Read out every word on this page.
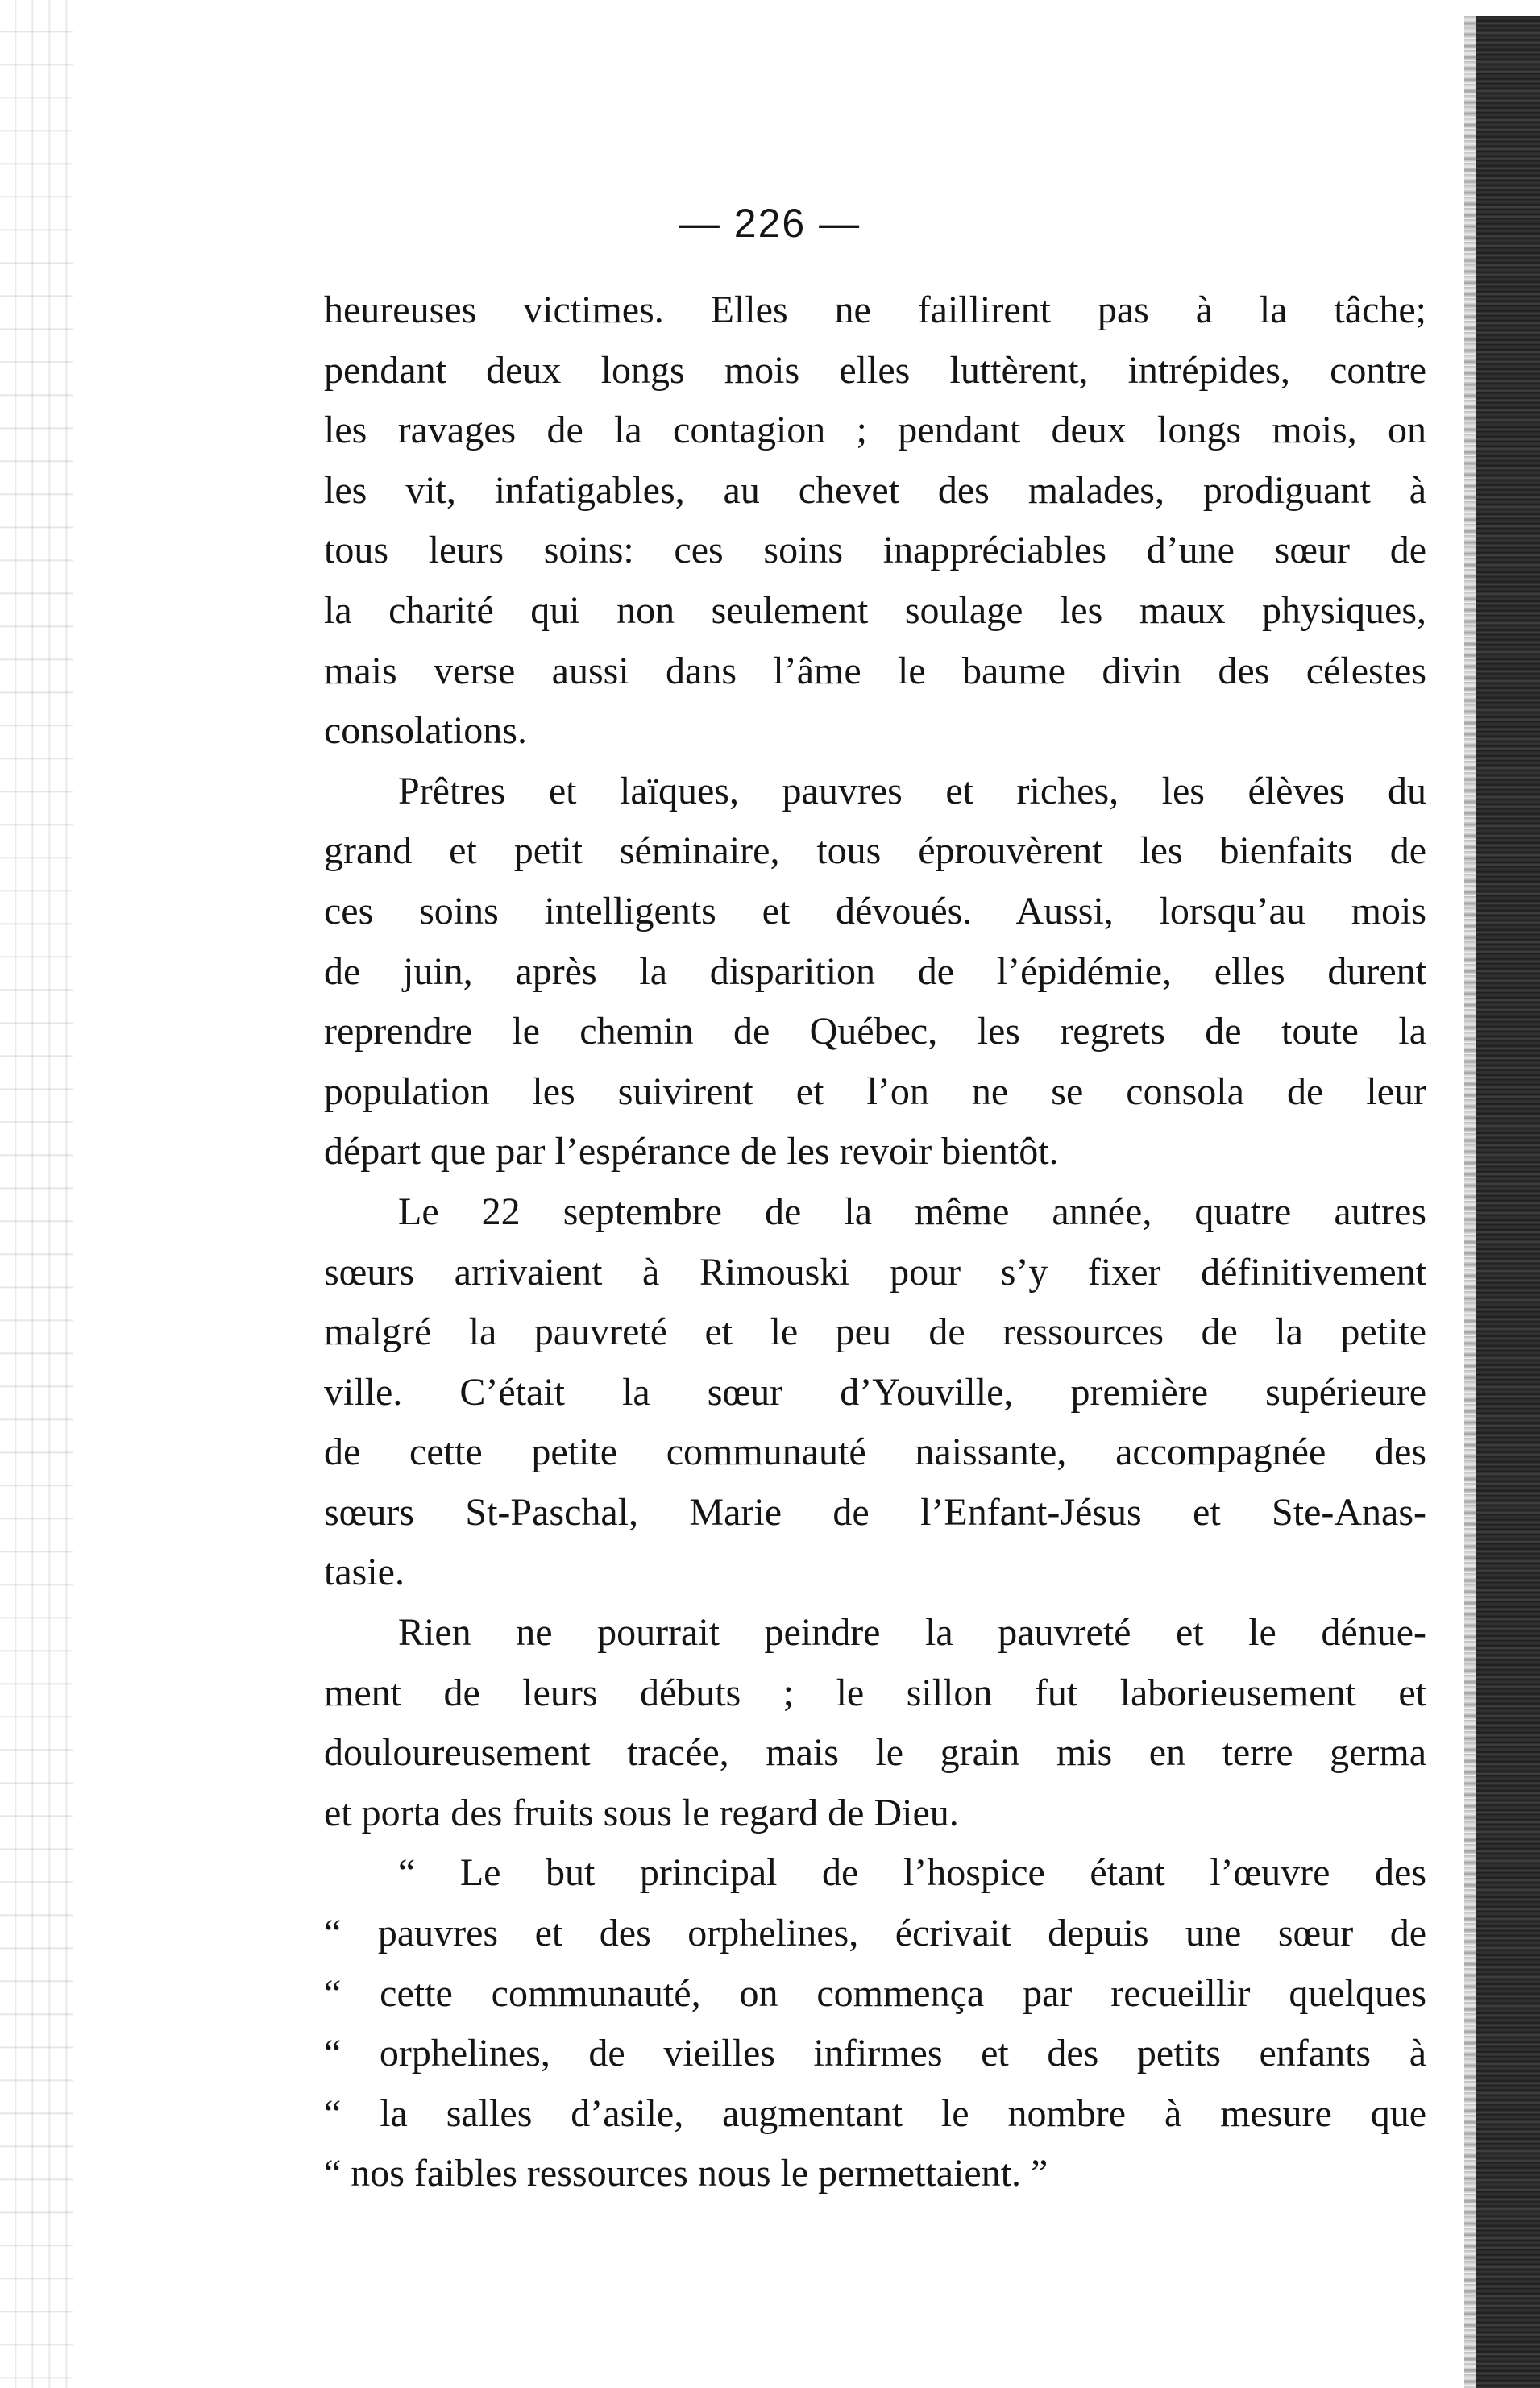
— 226 —
heureuses victimes. Elles ne faillirent pas à la tâche;
pendant deux longs mois elles luttèrent, intrépides, contre
les ravages de la contagion ; pendant deux longs mois, on
les vit, infatigables, au chevet des malades, prodiguant à
tous leurs soins: ces soins inappréciables d’une sœur de
la charité qui non seulement soulage les maux physiques,
mais verse aussi dans l’âme le baume divin des célestes
consolations.
Prêtres et laïques, pauvres et riches, les élèves du
grand et petit séminaire, tous éprouvèrent les bienfaits de
ces soins intelligents et dévoués. Aussi, lorsqu’au mois
de juin, après la disparition de l’épidémie, elles durent
reprendre le chemin de Québec, les regrets de toute la
population les suivirent et l’on ne se consola de leur
départ que par l’espérance de les revoir bientôt.
Le 22 septembre de la même année, quatre autres
sœurs arrivaient à Rimouski pour s’y fixer définitivement
malgré la pauvreté et le peu de ressources de la petite
ville. C’était la sœur d’Youville, première supérieure
de cette petite communauté naissante, accompagnée des
sœurs St-Paschal, Marie de l’Enfant-Jésus et Ste-Anas-
tasie.
Rien ne pourrait peindre la pauvreté et le dénue-
ment de leurs débuts ; le sillon fut laborieusement et
douloureusement tracée, mais le grain mis en terre germa
et porta des fruits sous le regard de Dieu.
“ Le but principal de l’hospice étant l’œuvre des
“ pauvres et des orphelines, écrivait depuis une sœur de
“ cette communauté, on commença par recueillir quelques
“ orphelines, de vieilles infirmes et des petits enfants à
“ la salles d’asile, augmentant le nombre à mesure que
“ nos faibles ressources nous le permettaient. ”
